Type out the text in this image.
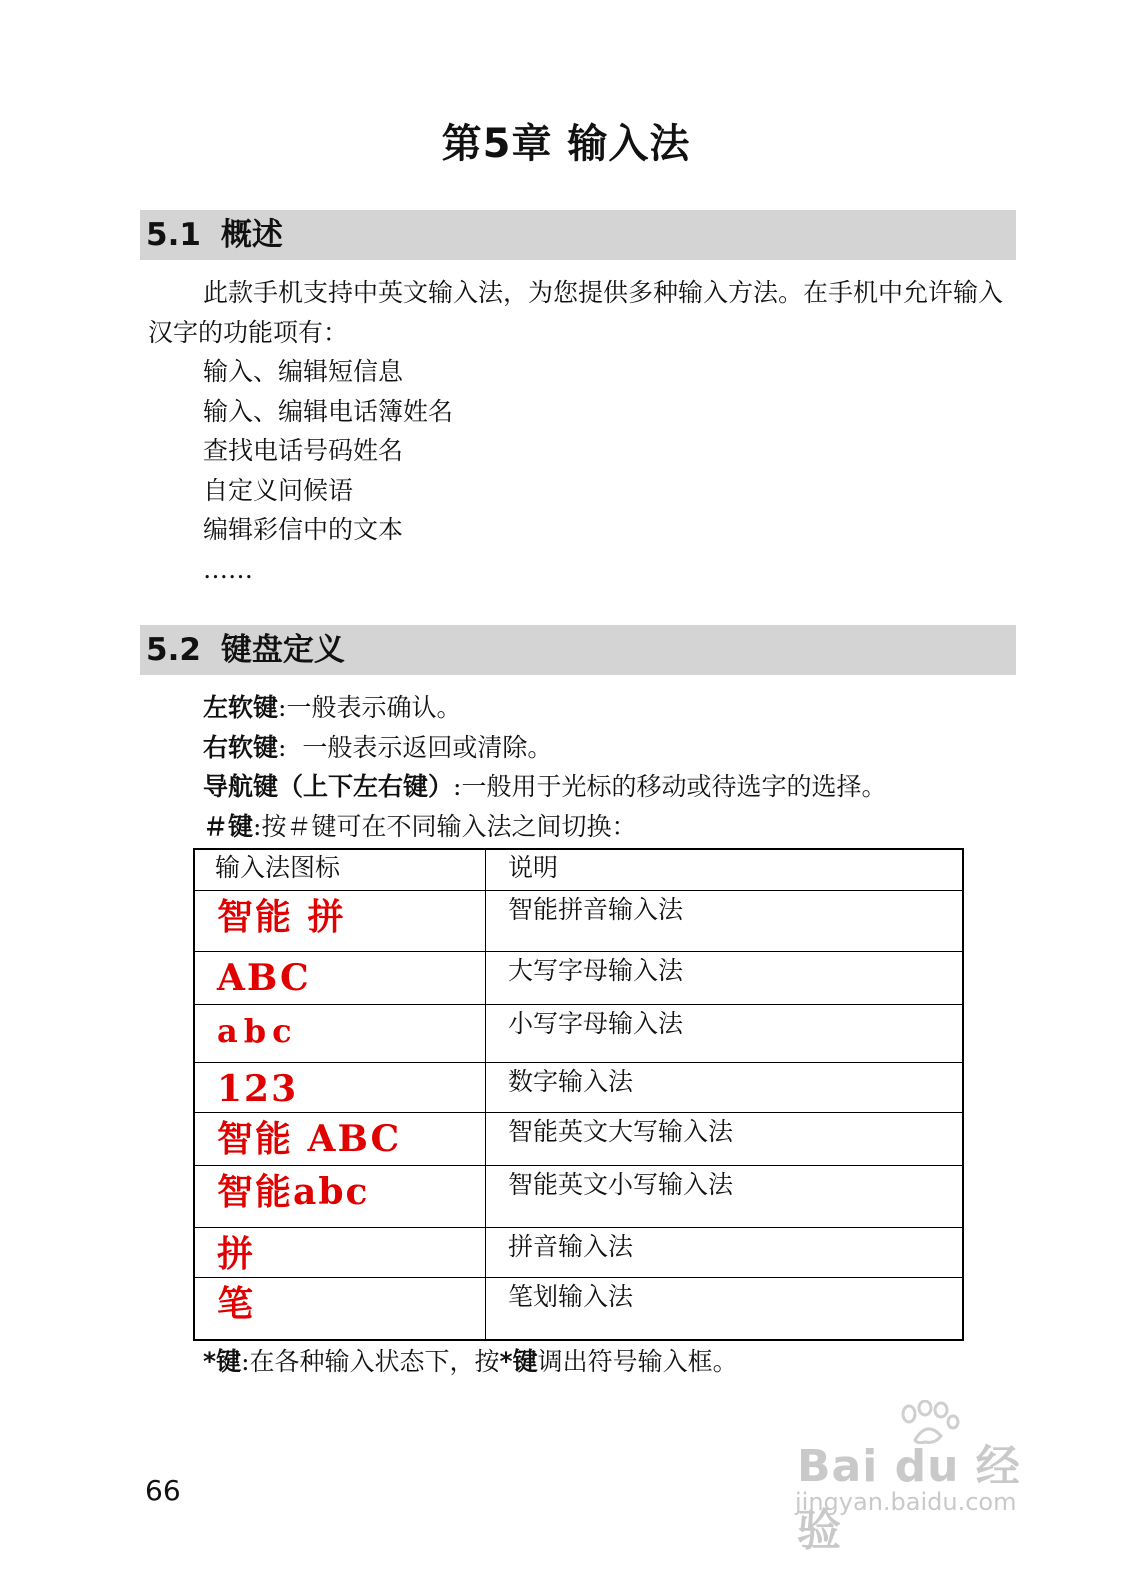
第5章 输入法
5.1 概述

此款手机支持中英文输入法，为您提供多种输入方法。在手机中允许输入汉字的功能项有：

输入、编辑短信息
输入、编辑电话簿姓名
查找电话号码姓名
自定义问候语
编辑彩信中的文本
……
5.2 键盘定义
左软键:一般表示确认。
右软键:  一般表示返回或清除。
导航键（上下左右键）:一般用于光标的移动或待选字的选择。
＃键:按＃键可在不同输入法之间切换：
输入法图标	说明
智能 拼	智能拼音输入法
ABC	大写字母输入法
abc	小写字母输入法
123	数字输入法
智能 ABC	智能英文大写输入法
智能abc	智能英文小写输入法
拼	拼音输入法
笔	笔划输入法
*键:在各种输入状态下，按*键调出符号输入框。
66	Bai du 经验
jingyan.baidu.com
